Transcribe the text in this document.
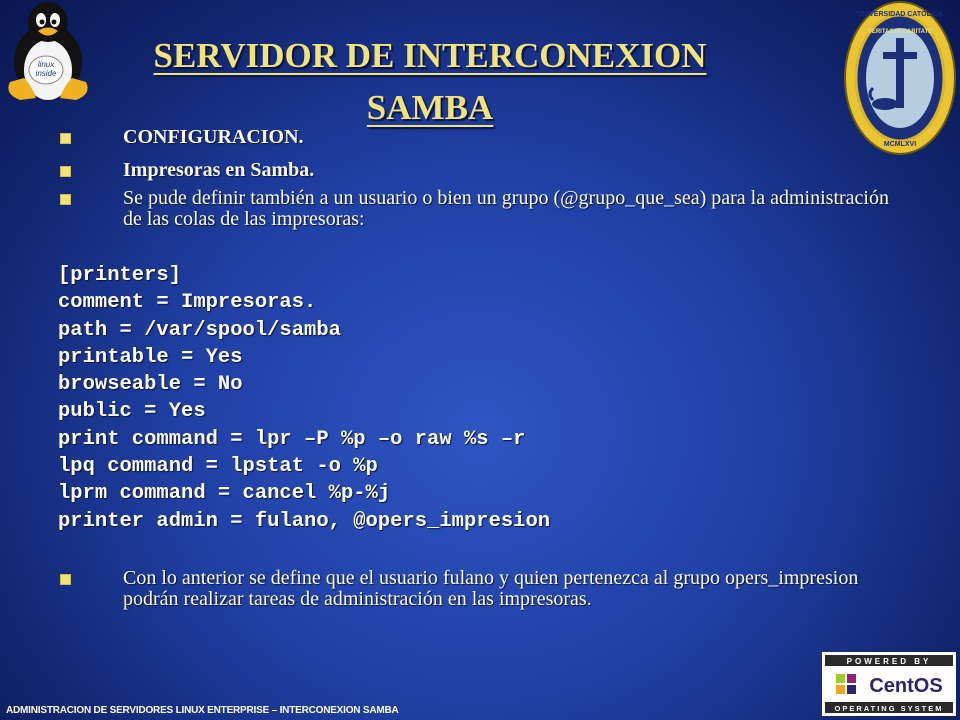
linux
inside
UNIVERSIDAD CATÓLICA
MCMLXVI
VERITAS IN CARITATE
SERVIDOR DE INTERCONEXION
SAMBA
CONFIGURACION.
Impresoras en Samba.
Se pude definir también a un usuario o bien un grupo (@grupo_que_sea) para la administración de las colas de las impresoras:
[printers]
comment = Impresoras.
path = /var/spool/samba
printable = Yes
browseable = No
public = Yes
print command = lpr –P %p –o raw %s –r
lpq command = lpstat -o %p
lprm command = cancel %p-%j
printer admin = fulano, @opers_impresion
Con lo anterior se define que el usuario fulano y quien pertenezca al grupo opers_impresion podrán realizar tareas de administración en las impresoras.
POWERED BY
CentOS
OPERATING SYSTEM
ADMINISTRACION DE SERVIDORES LINUX ENTERPRISE – INTERCONEXION SAMBA
